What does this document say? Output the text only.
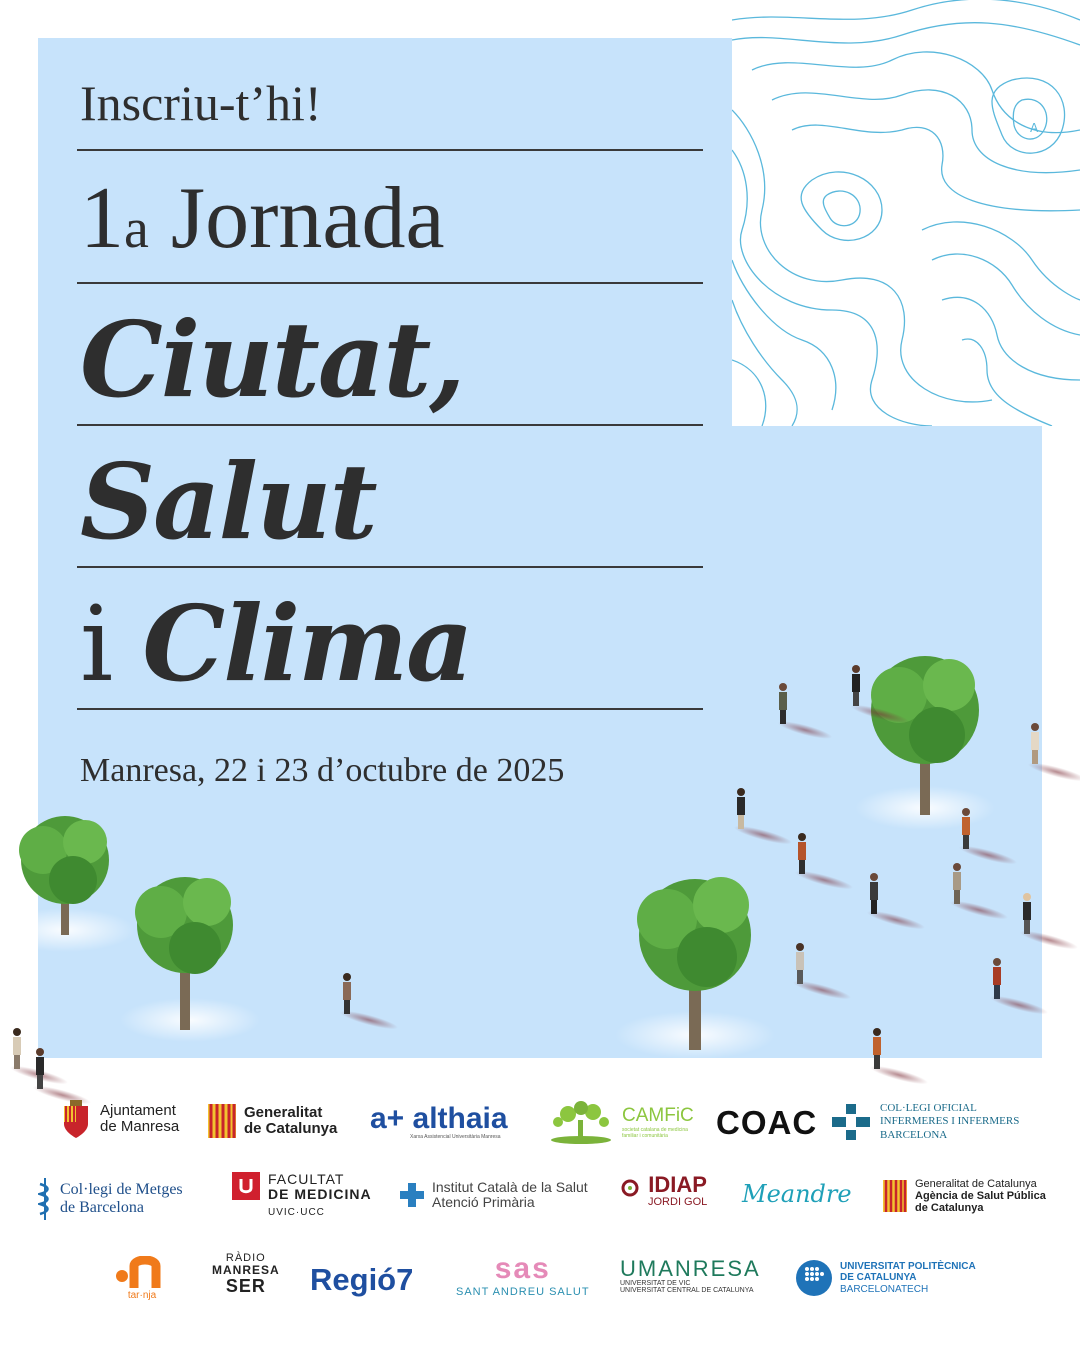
A
Inscriu-t’hi!
1a Jornada
Ciutat,
Salut
i Clima
Manresa, 22 i 23 d’octubre de 2025
Ajuntament
de Manresa
Generalitat
de Catalunya a+ althaia
Xarxa Assistencial Universitària Manresa
CAMFiC
societat catalana de medicina familiar i comunitària	COAC	COL·LEGI OFICIAL
INFERMERES I INFERMERS
BARCELONA
Col·legi de Metges
de Barcelona
FACULTAT
DE MEDICINA
UVIC·UCC
Institut Català de la Salut
Atenció Primària
IDIAP
JORDI GOL Meandre	Generalitat de Catalunya
Agència de Salut Pública
de Catalunya
tar·nja
RÀDIO
MANRESA
SER	Regió7	sas
SANT ANDREU SALUT
UMANRESA
UNIVERSITAT DE VIC
UNIVERSITAT CENTRAL DE CATALUNYA
UNIVERSITAT POLITÈCNICA
DE CATALUNYA
BARCELONATECH
